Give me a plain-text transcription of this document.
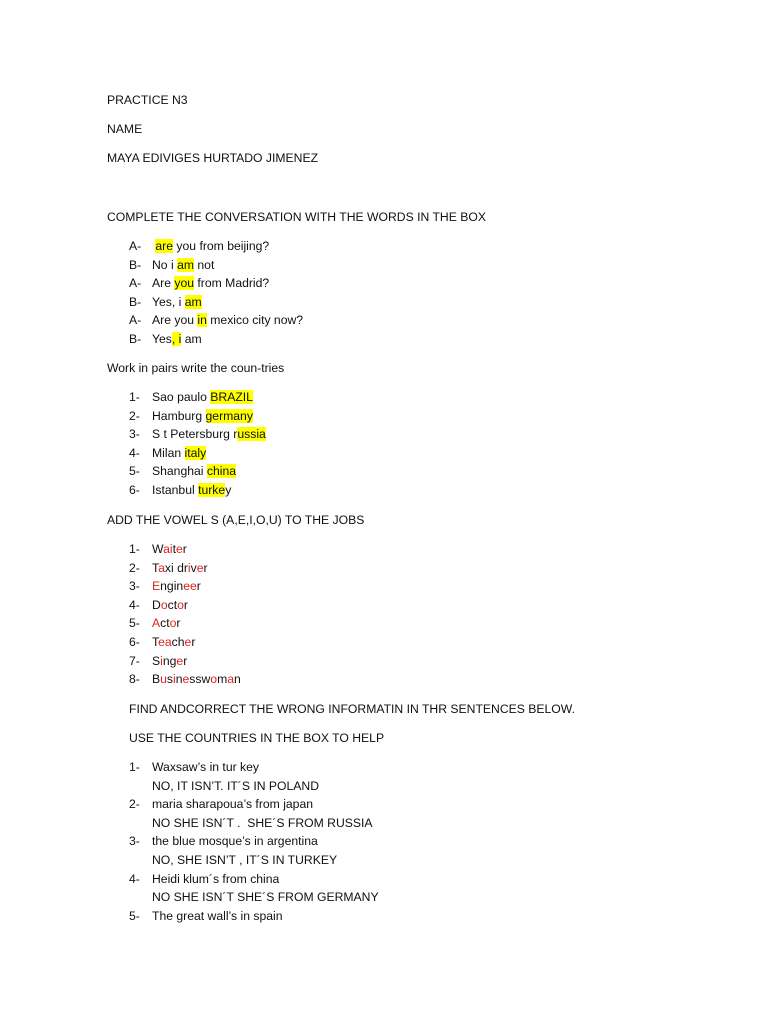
PRACTICE N3
NAME
MAYA EDIVIGES HURTADO JIMENEZ
COMPLETE THE CONVERSATION WITH THE WORDS IN THE BOX
A- are you from beijing?
B- No i am not
A- Are you from Madrid?
B- Yes, i am
A- Are you in mexico city now?
B- Yes, i am
Work in pairs write the coun-tries
1- Sao paulo BRAZIL
2- Hamburg germany
3- S t Petersburg russia
4- Milan italy
5- Shanghai china
6- Istanbul turkey
ADD THE VOWEL S (A,E,I,O,U) TO THE JOBS
1- Waiter
2- Taxi driver
3- Engineer
4- Doctor
5- Actor
6- Teacher
7- Singer
8- Businesswoman
FIND ANDCORRECT THE WRONG INFORMATIN IN THR SENTENCES BELOW.
USE THE COUNTRIES IN THE BOX TO HELP
1- Waxsaw’s in tur key
NO, IT ISN’T. IT´S IN POLAND
2- maria sharapoua’s from japan
NO SHE ISN´T .  SHE´S FROM RUSSIA
3- the blue mosque’s in argentina
NO, SHE ISN’T , IT´S IN TURKEY
4- Heidi klum´s from china
NO SHE ISN´T SHE´S FROM GERMANY
5- The great wall’s in spain
